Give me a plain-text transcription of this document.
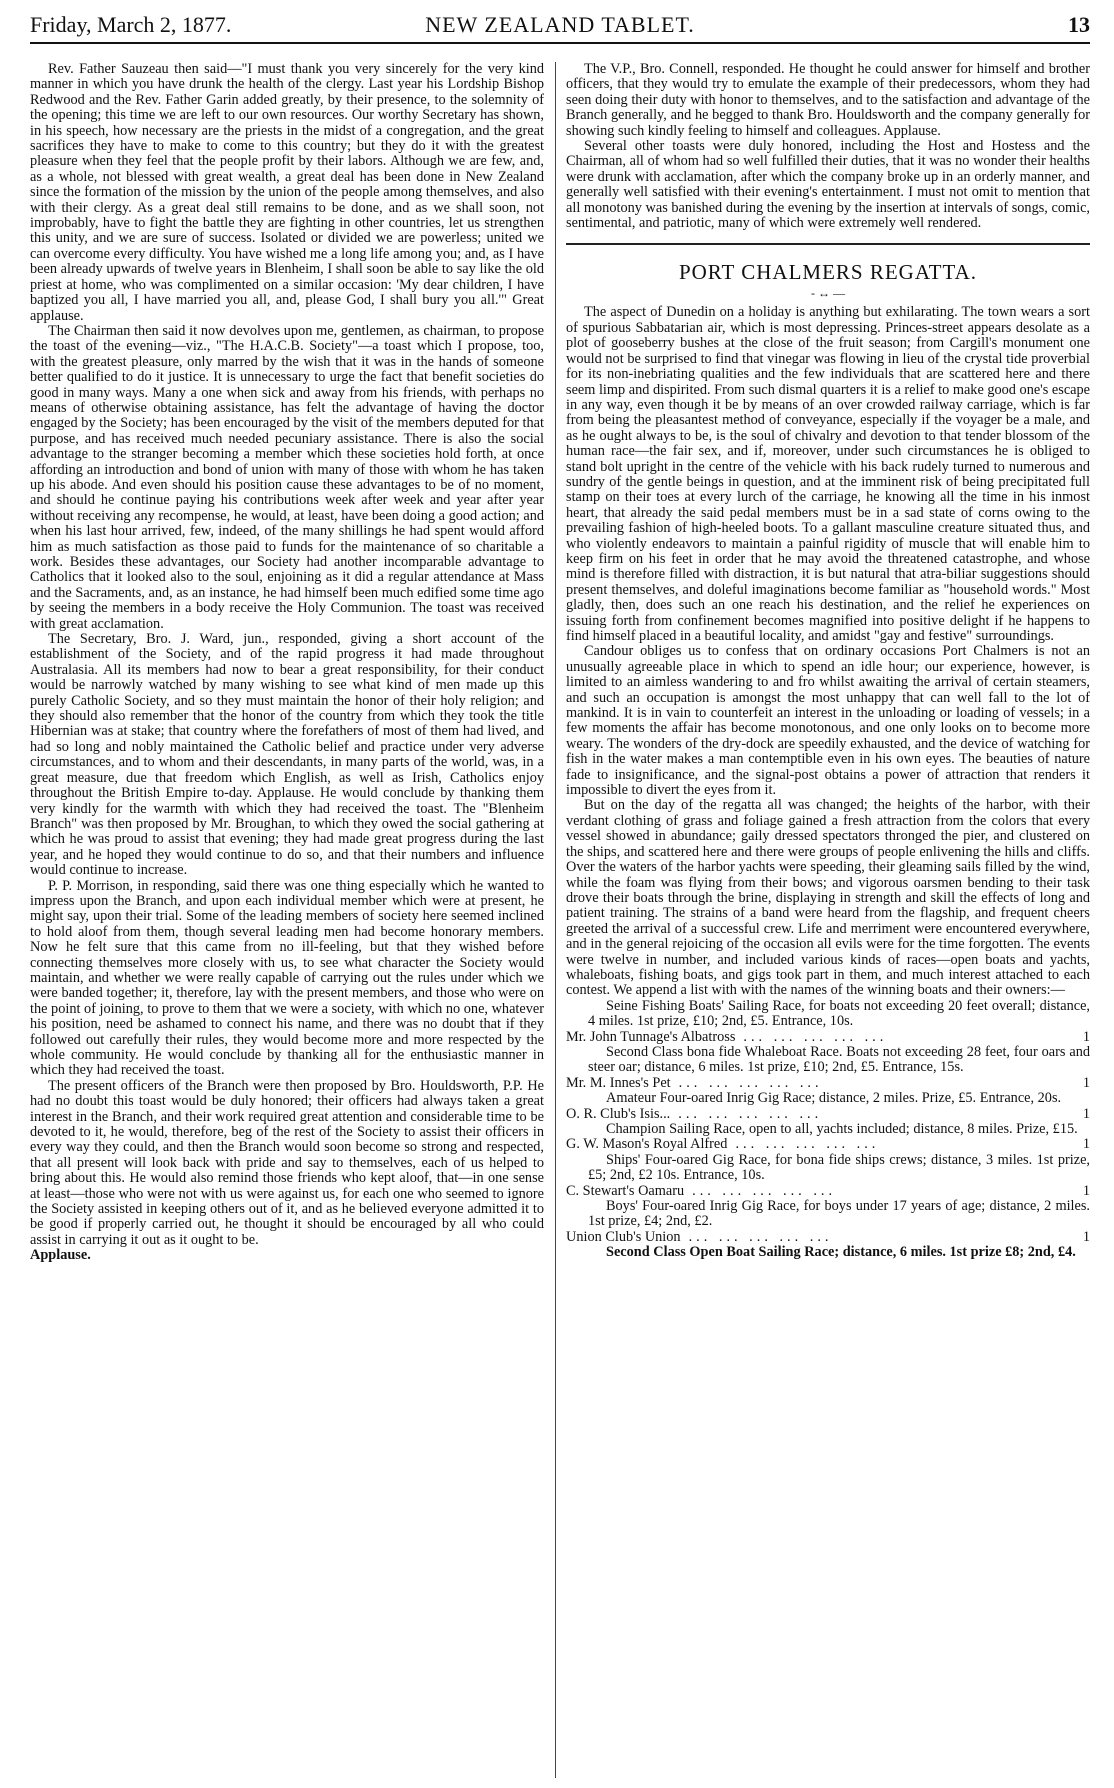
Friday, March 2, 1877.	NEW ZEALAND TABLET.	13

Rev. Father Sauzeau then said—"I must thank you very sincerely for the very kind manner in which you have drunk the health of the clergy. Last year his Lordship Bishop Redwood and the Rev. Father Garin added greatly, by their presence, to the solemnity of the opening; this time we are left to our own resources. Our worthy Secretary has shown, in his speech, how necessary are the priests in the midst of a congregation, and the great sacrifices they have to make to come to this country; but they do it with the greatest pleasure when they feel that the people profit by their labors. Although we are few, and, as a whole, not blessed with great wealth, a great deal has been done in New Zealand since the formation of the mission by the union of the people among themselves, and also with their clergy. As a great deal still remains to be done, and as we shall soon, not improbably, have to fight the battle they are fighting in other countries, let us strengthen this unity, and we are sure of success. Isolated or divided we are powerless; united we can overcome every difficulty. You have wished me a long life among you; and, as I have been already upwards of twelve years in Blenheim, I shall soon be able to say like the old priest at home, who was complimented on a similar occasion: 'My dear children, I have baptized you all, I have married you all, and, please God, I shall bury you all.'" Great applause.

The Chairman then said it now devolves upon me, gentlemen, as chairman, to propose the toast of the evening—viz., "The H.A.C.B. Society"—a toast which I propose, too, with the greatest pleasure, only marred by the wish that it was in the hands of someone better qualified to do it justice. It is unnecessary to urge the fact that benefit societies do good in many ways. Many a one when sick and away from his friends, with perhaps no means of otherwise obtaining assistance, has felt the advantage of having the doctor engaged by the Society; has been encouraged by the visit of the members deputed for that purpose, and has received much needed pecuniary assistance. There is also the social advantage to the stranger becoming a member which these societies hold forth, at once affording an introduction and bond of union with many of those with whom he has taken up his abode. And even should his position cause these advantages to be of no moment, and should he continue paying his contributions week after week and year after year without receiving any recompense, he would, at least, have been doing a good action; and when his last hour arrived, few, indeed, of the many shillings he had spent would afford him as much satisfaction as those paid to funds for the maintenance of so charitable a work. Besides these advantages, our Society had another incomparable advantage to Catholics that it looked also to the soul, enjoining as it did a regular attendance at Mass and the Sacraments, and, as an instance, he had himself been much edified some time ago by seeing the members in a body receive the Holy Communion. The toast was received with great acclamation.

The Secretary, Bro. J. Ward, jun., responded, giving a short account of the establishment of the Society, and of the rapid progress it had made throughout Australasia. All its members had now to bear a great responsibility, for their conduct would be narrowly watched by many wishing to see what kind of men made up this purely Catholic Society, and so they must maintain the honor of their holy religion; and they should also remember that the honor of the country from which they took the title Hibernian was at stake; that country where the forefathers of most of them had lived, and had so long and nobly maintained the Catholic belief and practice under very adverse circumstances, and to whom and their descendants, in many parts of the world, was, in a great measure, due that freedom which English, as well as Irish, Catholics enjoy throughout the British Empire to-day. Applause. He would conclude by thanking them very kindly for the warmth with which they had received the toast. The "Blenheim Branch" was then proposed by Mr. Broughan, to which they owed the social gathering at which he was proud to assist that evening; they had made great progress during the last year, and he hoped they would continue to do so, and that their numbers and influence would continue to increase.

P. P. Morrison, in responding, said there was one thing especially which he wanted to impress upon the Branch, and upon each individual member which were at present, he might say, upon their trial. Some of the leading members of society here seemed inclined to hold aloof from them, though several leading men had become honorary members. Now he felt sure that this came from no ill-feeling, but that they wished before connecting themselves more closely with us, to see what character the Society would maintain, and whether we were really capable of carrying out the rules under which we were banded together; it, therefore, lay with the present members, and those who were on the point of joining, to prove to them that we were a society, with which no one, whatever his position, need be ashamed to connect his name, and there was no doubt that if they followed out carefully their rules, they would become more and more respected by the whole community. He would conclude by thanking all for the enthusiastic manner in which they had received the toast.

The present officers of the Branch were then proposed by Bro. Houldsworth, P.P. He had no doubt this toast would be duly honored; their officers had always taken a great interest in the Branch, and their work required great attention and considerable time to be devoted to it, he would, therefore, beg of the rest of the Society to assist their officers in every way they could, and then the Branch would soon become so strong and respected, that all present will look back with pride and say to themselves, each of us helped to bring about this. He would also remind those friends who kept aloof, that—in one sense at least—those who were not with us were against us, for each one who seemed to ignore the Society assisted in keeping others out of it, and as he believed everyone admitted it to be good if properly carried out, he thought it should be encouraged by all who could assist in carrying it out as it ought to be.

Applause.

The V.P., Bro. Connell, responded. He thought he could answer for himself and brother officers, that they would try to emulate the example of their predecessors, whom they had seen doing their duty with honor to themselves, and to the satisfaction and advantage of the Branch generally, and he begged to thank Bro. Houldsworth and the company generally for showing such kindly feeling to himself and colleagues. Applause.

Several other toasts were duly honored, including the Host and Hostess and the Chairman, all of whom had so well fulfilled their duties, that it was no wonder their healths were drunk with acclamation, after which the company broke up in an orderly manner, and generally well satisfied with their evening's entertainment. I must not omit to mention that all monotony was banished during the evening by the insertion at intervals of songs, comic, sentimental, and patriotic, many of which were extremely well rendered.

PORT CHALMERS REGATTA.
- ↔ —

The aspect of Dunedin on a holiday is anything but exhilarating. The town wears a sort of spurious Sabbatarian air, which is most depressing. Princes-street appears desolate as a plot of gooseberry bushes at the close of the fruit season; from Cargill's monument one would not be surprised to find that vinegar was flowing in lieu of the crystal tide proverbial for its non-inebriating qualities and the few individuals that are scattered here and there seem limp and dispirited. From such dismal quarters it is a relief to make good one's escape in any way, even though it be by means of an over crowded railway carriage, which is far from being the pleasantest method of conveyance, especially if the voyager be a male, and as he ought always to be, is the soul of chivalry and devotion to that tender blossom of the human race—the fair sex, and if, moreover, under such circumstances he is obliged to stand bolt upright in the centre of the vehicle with his back rudely turned to numerous and sundry of the gentle beings in question, and at the imminent risk of being precipitated full stamp on their toes at every lurch of the carriage, he knowing all the time in his inmost heart, that already the said pedal members must be in a sad state of corns owing to the prevailing fashion of high-heeled boots. To a gallant masculine creature situated thus, and who violently endeavors to maintain a painful rigidity of muscle that will enable him to keep firm on his feet in order that he may avoid the threatened catastrophe, and whose mind is therefore filled with distraction, it is but natural that atra-biliar suggestions should present themselves, and doleful imaginations become familiar as "household words." Most gladly, then, does such an one reach his destination, and the relief he experiences on issuing forth from confinement becomes magnified into positive delight if he happens to find himself placed in a beautiful locality, and amidst "gay and festive" surroundings.

Candour obliges us to confess that on ordinary occasions Port Chalmers is not an unusually agreeable place in which to spend an idle hour; our experience, however, is limited to an aimless wandering to and fro whilst awaiting the arrival of certain steamers, and such an occupation is amongst the most unhappy that can well fall to the lot of mankind. It is in vain to counterfeit an interest in the unloading or loading of vessels; in a few moments the affair has become monotonous, and one only looks on to become more weary. The wonders of the dry-dock are speedily exhausted, and the device of watching for fish in the water makes a man contemptible even in his own eyes. The beauties of nature fade to insignificance, and the signal-post obtains a power of attraction that renders it impossible to divert the eyes from it.

But on the day of the regatta all was changed; the heights of the harbor, with their verdant clothing of grass and foliage gained a fresh attraction from the colors that every vessel showed in abundance; gaily dressed spectators thronged the pier, and clustered on the ships, and scattered here and there were groups of people enlivening the hills and cliffs. Over the waters of the harbor yachts were speeding, their gleaming sails filled by the wind, while the foam was flying from their bows; and vigorous oarsmen bending to their task drove their boats through the brine, displaying in strength and skill the effects of long and patient training. The strains of a band were heard from the flagship, and frequent cheers greeted the arrival of a successful crew. Life and merriment were encountered everywhere, and in the general rejoicing of the occasion all evils were for the time forgotten. The events were twelve in number, and included various kinds of races—open boats and yachts, whaleboats, fishing boats, and gigs took part in them, and much interest attached to each contest. We append a list with with the names of the winning boats and their owners:—

Seine Fishing Boats' Sailing Race, for boats not exceeding 20 feet overall; distance, 4 miles. 1st prize, £10; 2nd, £5. Entrance, 10s.

Mr. John Tunnage's Albatross ... ... ... ... ...	1

Second Class bona fide Whaleboat Race. Boats not exceeding 28 feet, four oars and steer oar; distance, 6 miles. 1st prize, £10; 2nd, £5. Entrance, 15s.

Mr. M. Innes's Pet ... ... ... ... ...	1

Amateur Four-oared Inrig Gig Race; distance, 2 miles. Prize, £5. Entrance, 20s.

O. R. Club's Isis... ... ... ... ... ...	1

Champion Sailing Race, open to all, yachts included; distance, 8 miles. Prize, £15.

G. W. Mason's Royal Alfred ... ... ... ... ...	1

Ships' Four-oared Gig Race, for bona fide ships crews; distance, 3 miles. 1st prize, £5; 2nd, £2 10s. Entrance, 10s.

C. Stewart's Oamaru ... ... ... ... ...	1

Boys' Four-oared Inrig Gig Race, for boys under 17 years of age; distance, 2 miles. 1st prize, £4; 2nd, £2.

Union Club's Union ... ... ... ... ...	1

Second Class Open Boat Sailing Race; distance, 6 miles. 1st prize £8; 2nd, £4.
